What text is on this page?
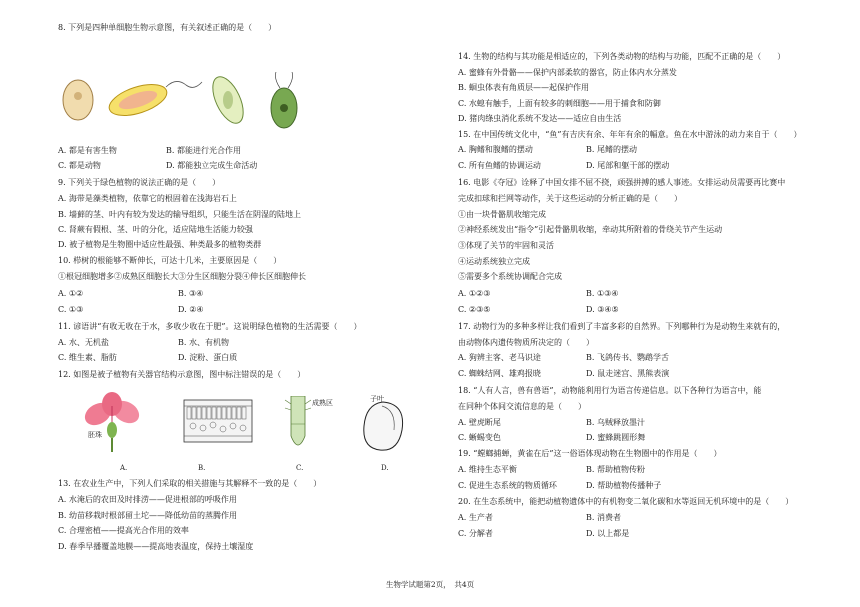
8. 下列是四种单细胞生物示意图，有关叙述正确的是（　　）
A. 都是有害生物	B. 都能进行光合作用
C. 都是动物	D. 都能独立完成生命活动
9. 下列关于绿色植物的说法正确的是（　　）
A. 海带是藻类植物，依靠它的根固着在浅海岩石上
B. 墙藓的茎、叶内有较为发达的输导组织，只能生活在阴湿的陆地上
C. 肾蕨有假根、茎、叶的分化，适应陆地生活能力较强
D. 被子植物是生物圈中适应性最强、种类最多的植物类群
10. 栉树的根能够不断伸长，可达十几米，主要原因是（　　）
①根冠细胞增多②成熟区细胞长大③分生区细胞分裂④伸长区细胞伸长
A. ①②	B. ③④
C. ①③	D. ②④
11. 谚语讲“有收无收在于水，多收少收在于肥”。这说明绿色植物的生活需要（　　）
A. 水、无机盐	B. 水、有机物
C. 维生素、脂肪	D. 淀粉、蛋白质
12. 如图是被子植物有关器官结构示意图，图中标注错误的是（　　）
胚珠
成熟区	子叶
A.	B.	C.	D.
13. 在农业生产中，下列人们采取的相关措施与其解释不一致的是（　　）
A. 水淹后的农田及时排涝——促进根部的呼吸作用
B. 幼苗移栽时根部留土坨——降低幼苗的蒸腾作用
C. 合理密植——提高光合作用的效率
D. 春季早播覆盖地膜——提高地表温度，保持土壤湿度
14. 生物的结构与其功能是相适应的，下列各类动物的结构与功能，匹配不正确的是（　　）
A. 蜜蜂有外骨骼——保护内部柔软的器官，防止体内水分蒸发
B. 蛔虫体表有角质层——起保护作用
C. 水螅有触手，上面有较多的刺细胞——用于捕食和防御
D. 猪肉绦虫消化系统不发达——适应自由生活
15. 在中国传统文化中，“鱼”有吉庆有余、年年有余的幅意。鱼在水中游泳的动力来自于（　　）
A. 胸鳍和腹鳍的摆动	B. 尾鳍的摆动
C. 所有鱼鳍的协调运动	D. 尾部和躯干部的摆动
16. 电影《夺冠》诠释了中国女排不屈不挠，顽强拼搏的感人事迹。女排运动员需要再比赛中
完成扣球和拦网等动作，关于这些运动的分析正确的是（　　）
①由一块骨骼肌收缩完成
②神经系统发出“指令”引起骨骼肌收缩，牵动其所附着的骨绕关节产生运动
③体现了关节的牢固和灵活
④运动系统独立完成
⑤需要多个系统协调配合完成
A. ①②③	B. ①③④
C. ②③⑤	D. ③④⑤
17. 动物行为的多种多样让我们看到了丰富多彩的自然界。下列哪种行为是动物生来就有的，
由动物体内遗传物质所决定的（　　）
A. 狗辨主客、老马识途	B. 飞鸽传书、鹦鹉学舌
C. 蜘蛛结网、雄鸡报晓	D. 鼠走迷宫、黑熊表演
18. “人有人言，兽有兽语”，动物能利用行为语言传递信息。以下各种行为语言中，能
在同种个体间交流信息的是（　　）
A. 壁虎断尾	B. 乌贼释放墨汁
C. 蜥蜴变色	D. 蜜蜂跳圆形舞
19. “螳螂捕蝉，黄雀在后”这一俗语体现动物在生物圈中的作用是（　　）
A. 维持生态平衡	B. 帮助植物传粉
C. 促进生态系统的物质循环	D. 帮助植物传播种子
20. 在生态系统中，能把动植物遗体中的有机物变二氧化碳和水等返回无机环境中的是（　　）
A. 生产者	B. 消费者
C. 分解者	D. 以上都是
生物学试题第2页，　共4页
